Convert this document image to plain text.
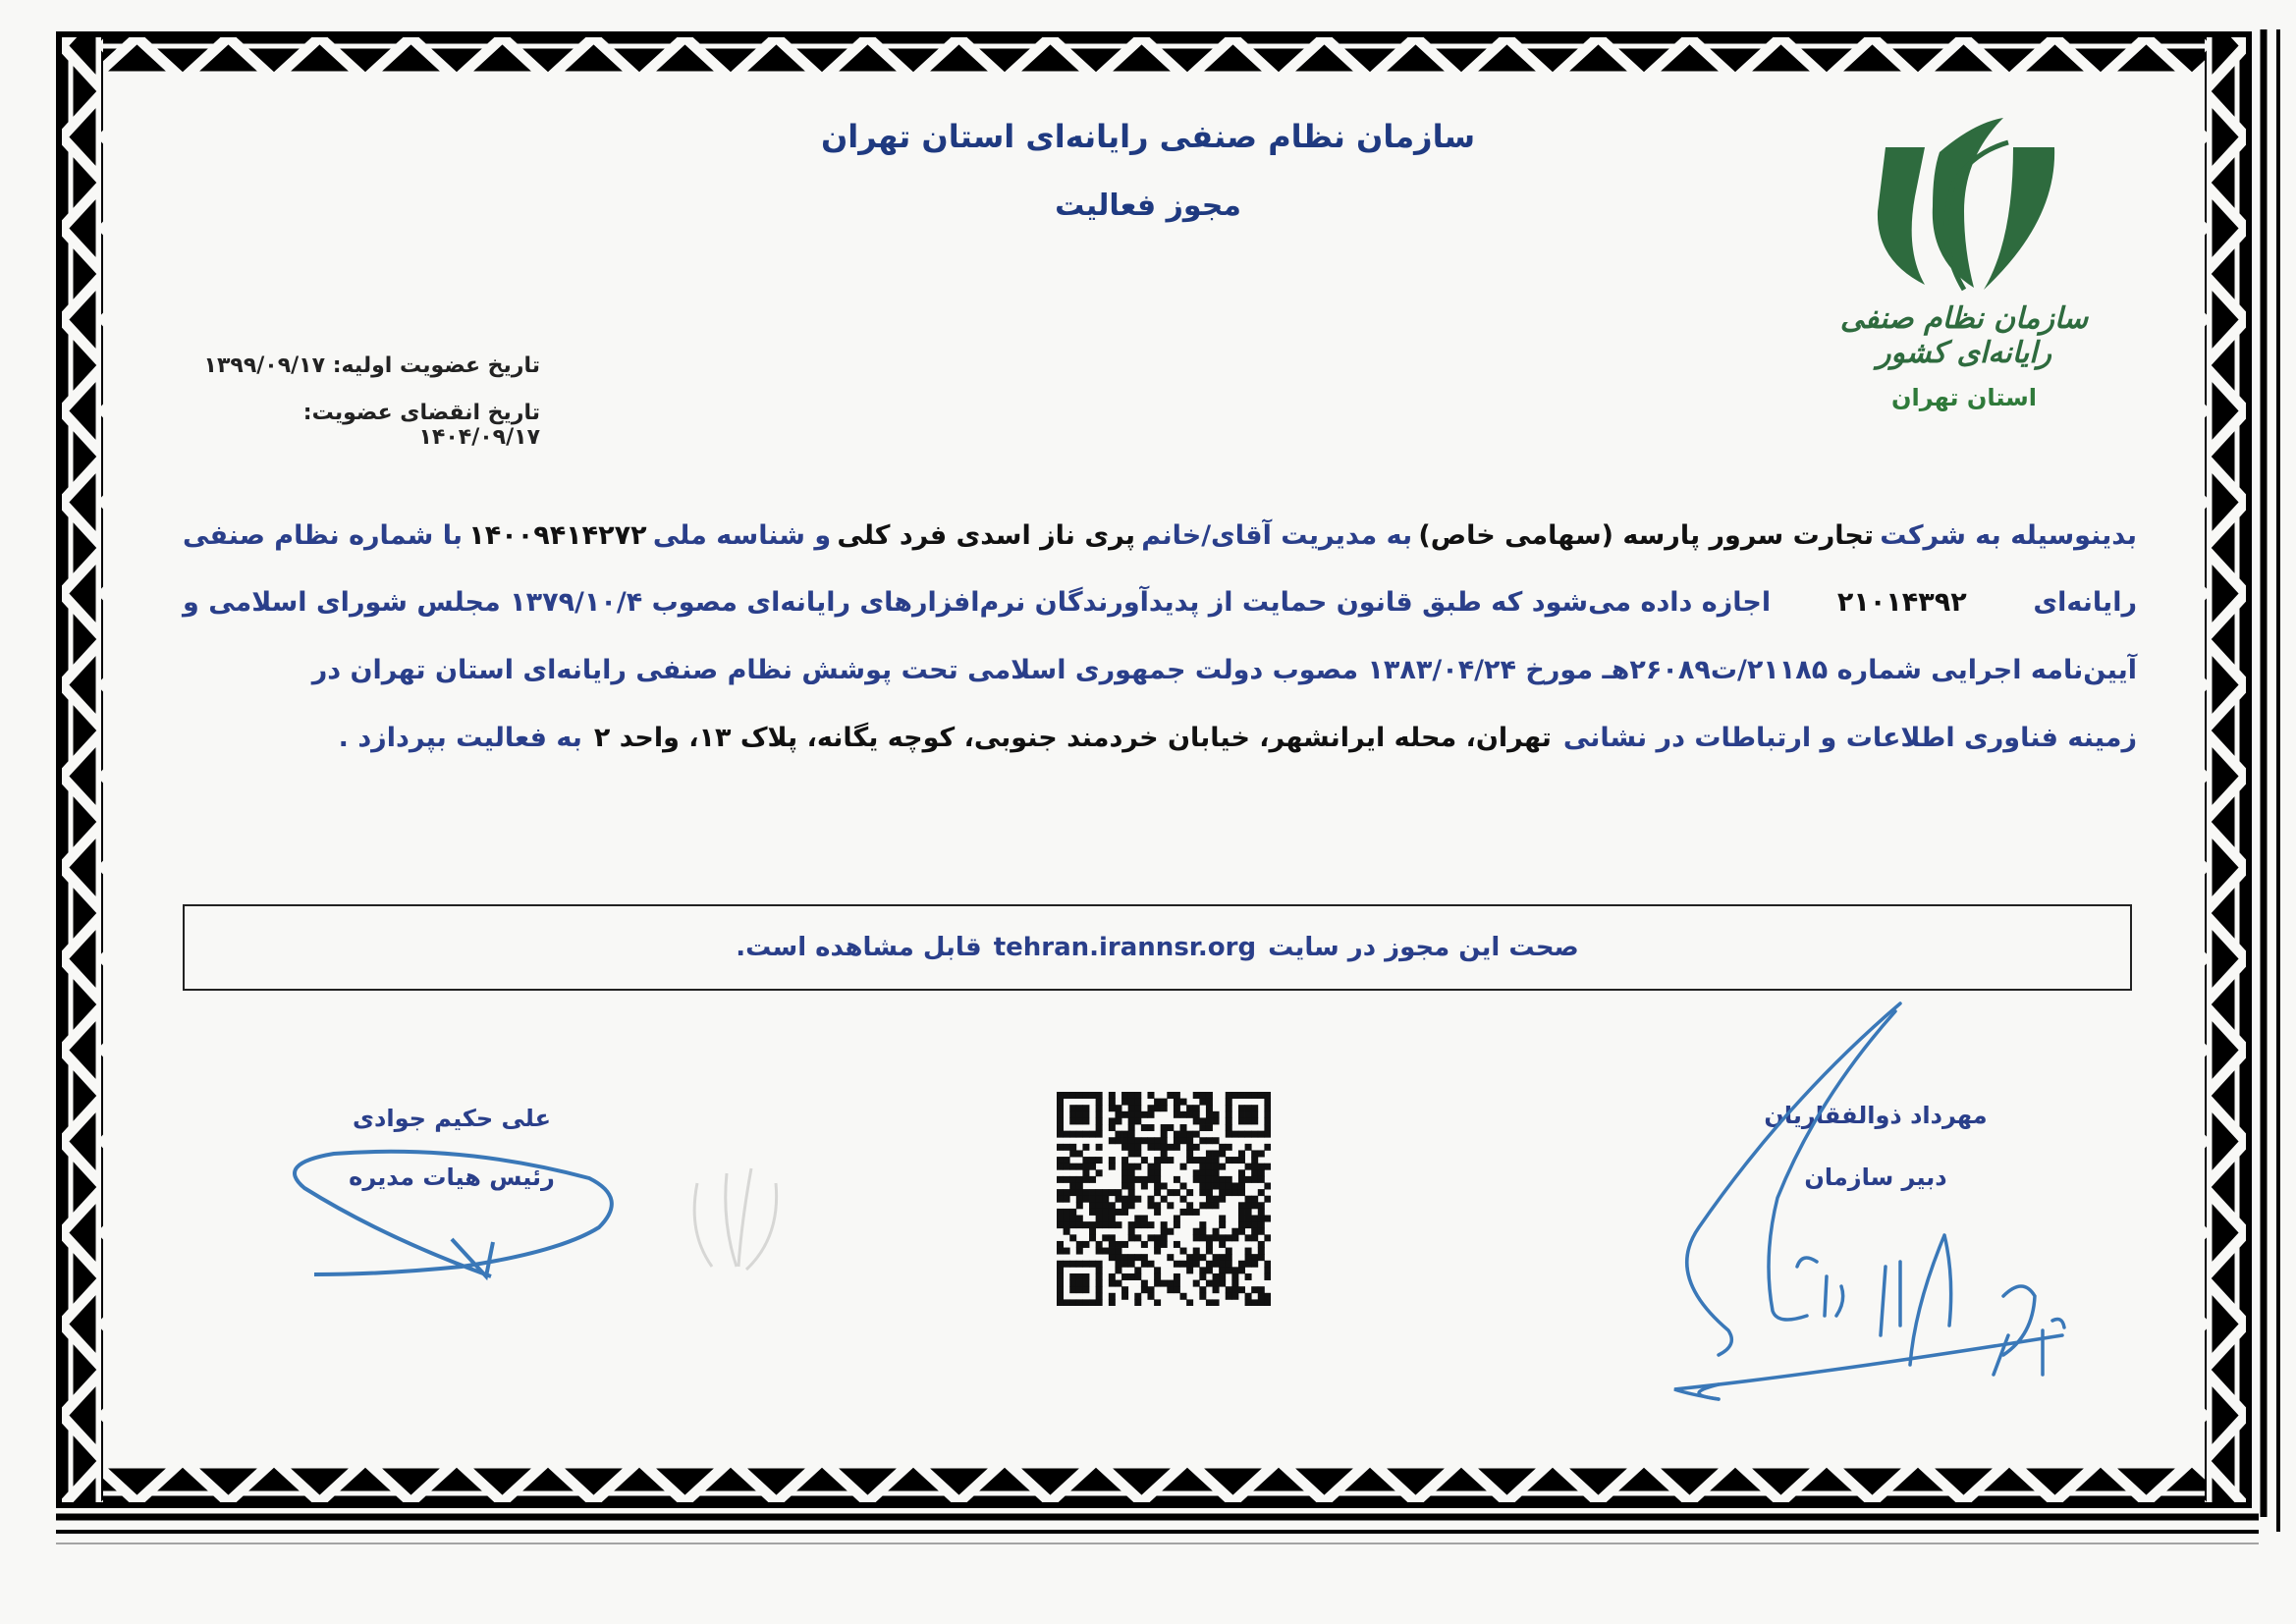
سازمان نظام صنفی رایانه‌ای استان تهران
مجوز فعالیت
سازمان نظام صنفی رایانه‌ای کشور
استان تهران
تاریخ عضویت اولیه: ۱۳۹۹/۰۹/۱۷
تاریخ انقضای عضویت: ۱۴۰۴/۰۹/۱۷
بدینوسیله به شرکت
تجارت سرور پارسه (سهامی خاص)
به مدیریت آقای/خانم
پری ناز اسدی فرد کلی
و شناسه ملی
۱۴۰۰۹۴۱۴۲۷۲
با شماره نظام صنفی
رایانه‌ای
۲۱۰۱۴۳۹۲
اجازه داده می‌شود که طبق قانون حمایت از پدیدآورندگان نرم‌افزارهای رایانه‌ای مصوب ۱۳۷۹/۱۰/۴ مجلس شورای اسلامی و
آیین‌نامه اجرایی شماره ۲۱۱۸۵/ت۲۶۰۸۹هـ مورخ ۱۳۸۳/۰۴/۲۴ مصوب دولت جمهوری اسلامی تحت پوشش نظام صنفی رایانه‌ای استان تهران در
زمینه فناوری اطلاعات و ارتباطات در نشانی
تهران، محله ایرانشهر، خیابان خردمند جنوبی، کوچه یگانه، پلاک ۱۳، واحد ۲
به فعالیت بپردازد .
صحت این مجوز در سایت
tehran.irannsr.org
قابل مشاهده است.
علی حکیم جوادی
رئیس هیات مدیره
مهرداد ذوالفقاریان
دبیر سازمان
